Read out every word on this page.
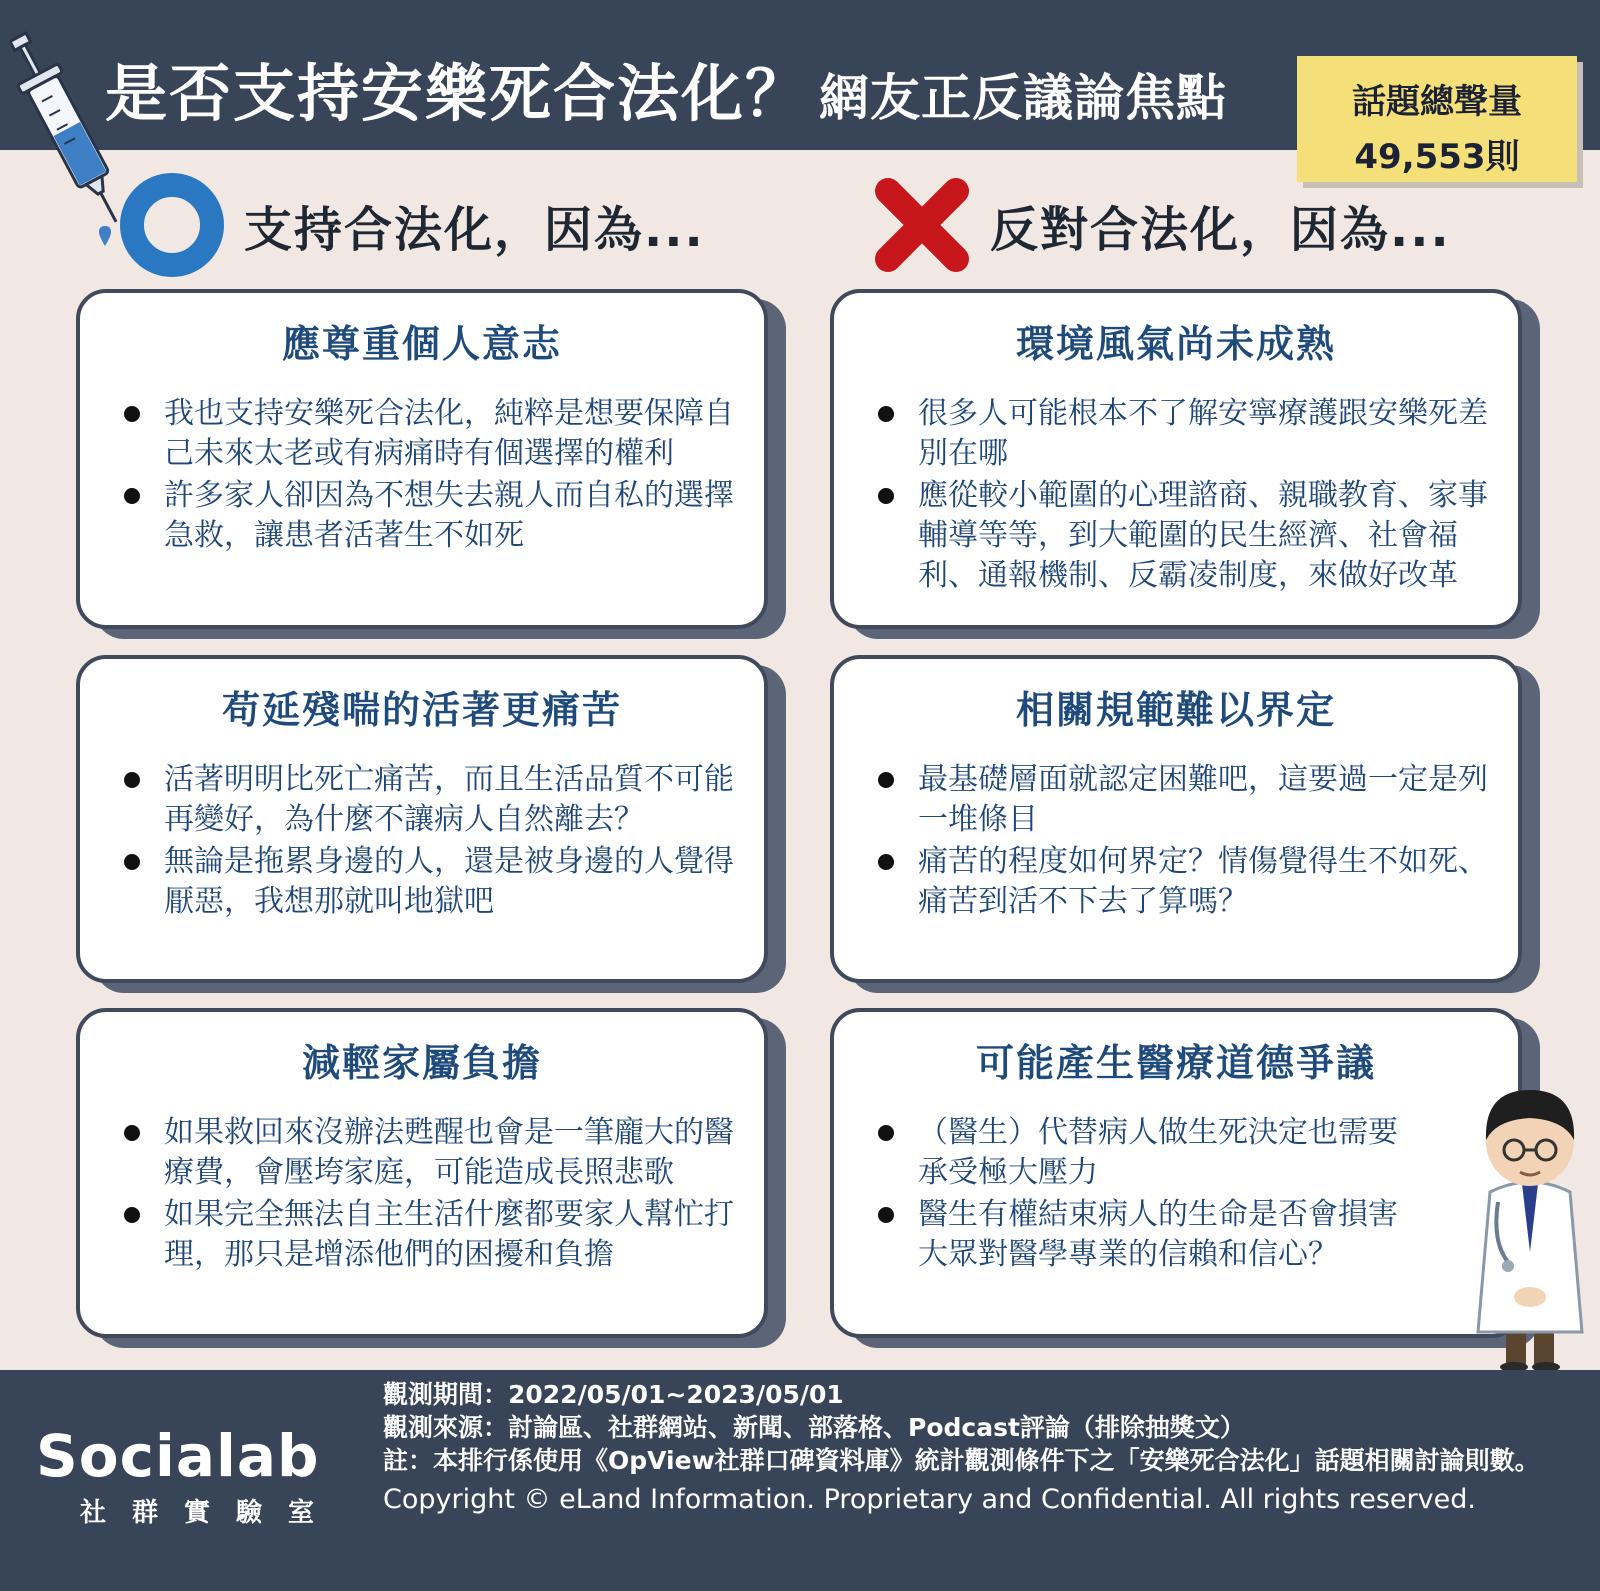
是否支持安樂死合法化？ 網友正反議論焦點	話題總聲量
49,553則
支持合法化，因為...	反對合法化，因為...
應尊重個人意志
我也支持安樂死合法化，純粹是想要保障自己未來太老或有病痛時有個選擇的權利
許多家人卻因為不想失去親人而自私的選擇急救，讓患者活著生不如死
苟延殘喘的活著更痛苦
活著明明比死亡痛苦，而且生活品質不可能再變好，為什麼不讓病人自然離去？
無論是拖累身邊的人，還是被身邊的人覺得厭惡，我想那就叫地獄吧
減輕家屬負擔
如果救回來沒辦法甦醒也會是一筆龐大的醫療費，會壓垮家庭，可能造成長照悲歌
如果完全無法自主生活什麼都要家人幫忙打理，那只是增添他們的困擾和負擔
環境風氣尚未成熟
很多人可能根本不了解安寧療護跟安樂死差別在哪
應從較小範圍的心理諮商、親職教育、家事輔導等等，到大範圍的民生經濟、社會福利、通報機制、反霸凌制度，來做好改革
相關規範難以界定
最基礎層面就認定困難吧，這要過一定是列一堆條目
痛苦的程度如何界定？情傷覺得生不如死、痛苦到活不下去了算嗎？
可能產生醫療道德爭議
（醫生）代替病人做生死決定也需要承受極大壓力
醫生有權結束病人的生命是否會損害大眾對醫學專業的信賴和信心？
Socialab
社群實驗室
觀測期間：2022/05/01~2023/05/01
觀測來源：討論區、社群網站、新聞、部落格、Podcast評論（排除抽獎文）
註：本排行係使用《OpView社群口碑資料庫》統計觀測條件下之「安樂死合法化」話題相關討論則數。
Copyright © eLand Information. Proprietary and Confidential. All rights reserved.
